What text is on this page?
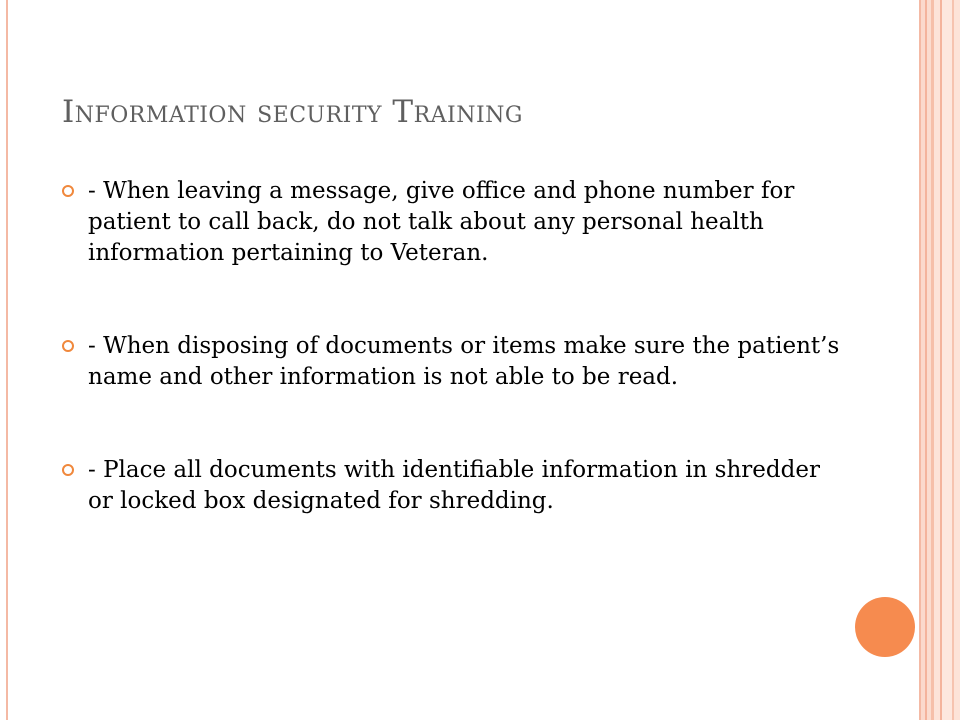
Information security Training
- When leaving a message, give office and phone number for patient to call back, do not talk about any personal health information pertaining to Veteran.
- When disposing of documents or items make sure the patient’s name and other information is not able to be read.
- Place all documents with identifiable information in shredder or locked box designated for shredding.
